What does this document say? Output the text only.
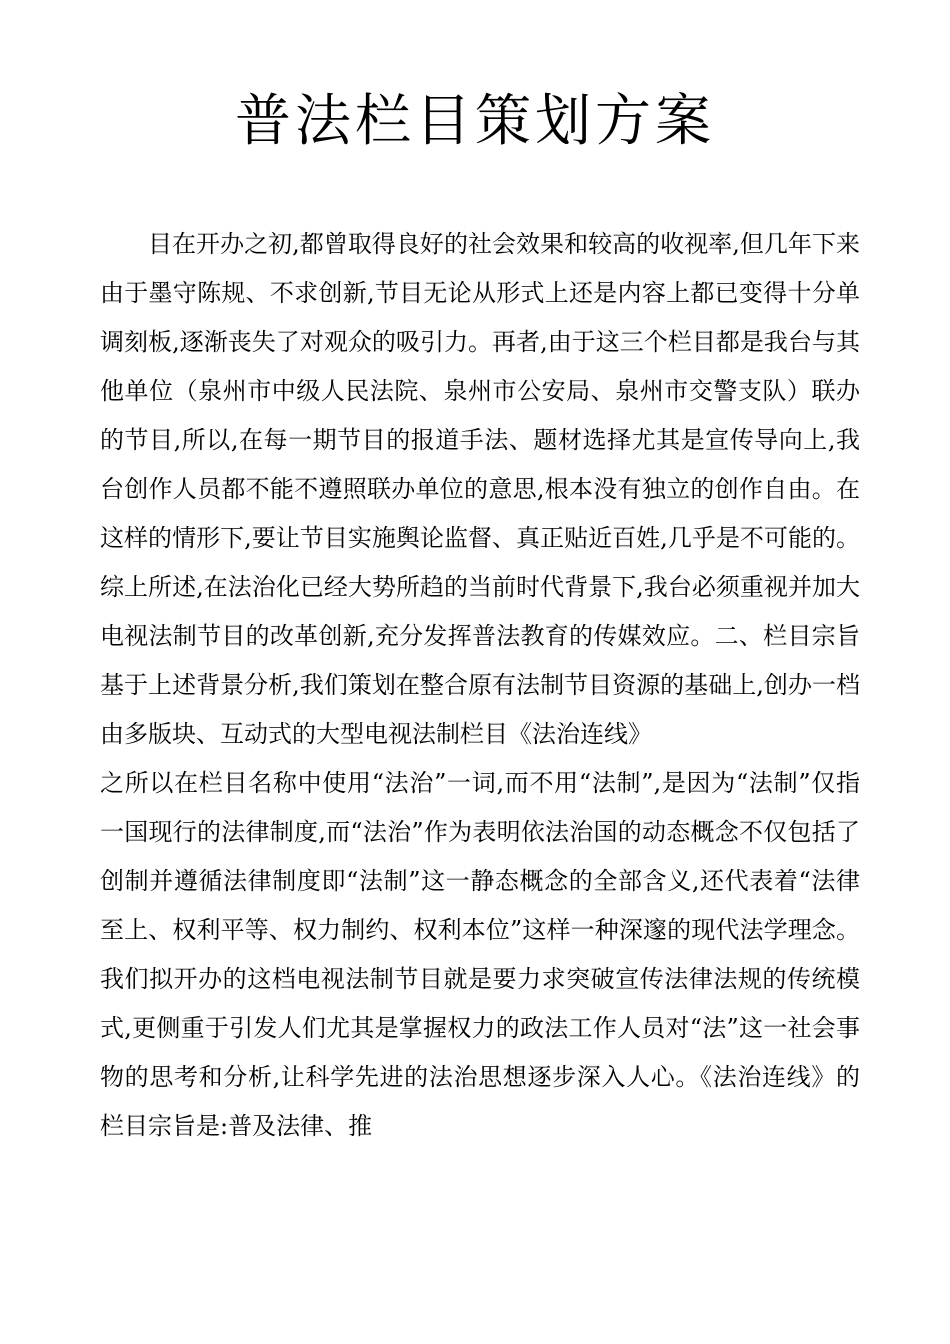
普法栏目策划方案

目在开办之初,都曾取得良好的社会效果和较高的收视率,但几年下来由于墨守陈规、不求创新,节目无论从形式上还是内容上都已变得十分单调刻板,逐渐丧失了对观众的吸引力。再者,由于这三个栏目都是我台与其他单位（泉州市中级人民法院、泉州市公安局、泉州市交警支队）联办的节目,所以,在每一期节目的报道手法、题材选择尤其是宣传导向上,我台创作人员都不能不遵照联办单位的意思,根本没有独立的创作自由。在这样的情形下,要让节目实施舆论监督、真正贴近百姓,几乎是不可能的。综上所述,在法治化已经大势所趋的当前时代背景下,我台必须重视并加大电视法制节目的改革创新,充分发挥普法教育的传媒效应。二、栏目宗旨基于上述背景分析,我们策划在整合原有法制节目资源的基础上,创办一档由多版块、互动式的大型电视法制栏目《法治连线》

之所以在栏目名称中使用“法治”一词,而不用“法制”,是因为“法制”仅指一国现行的法律制度,而“法治”作为表明依法治国的动态概念不仅包括了创制并遵循法律制度即“法制”这一静态概念的全部含义,还代表着“法律至上、权利平等、权力制约、权利本位”这样一种深邃的现代法学理念。我们拟开办的这档电视法制节目就是要力求突破宣传法律法规的传统模式,更侧重于引发人们尤其是掌握权力的政法工作人员对“法”这一社会事物的思考和分析,让科学先进的法治思想逐步深入人心。《法治连线》的栏目宗旨是:普及法律、推
